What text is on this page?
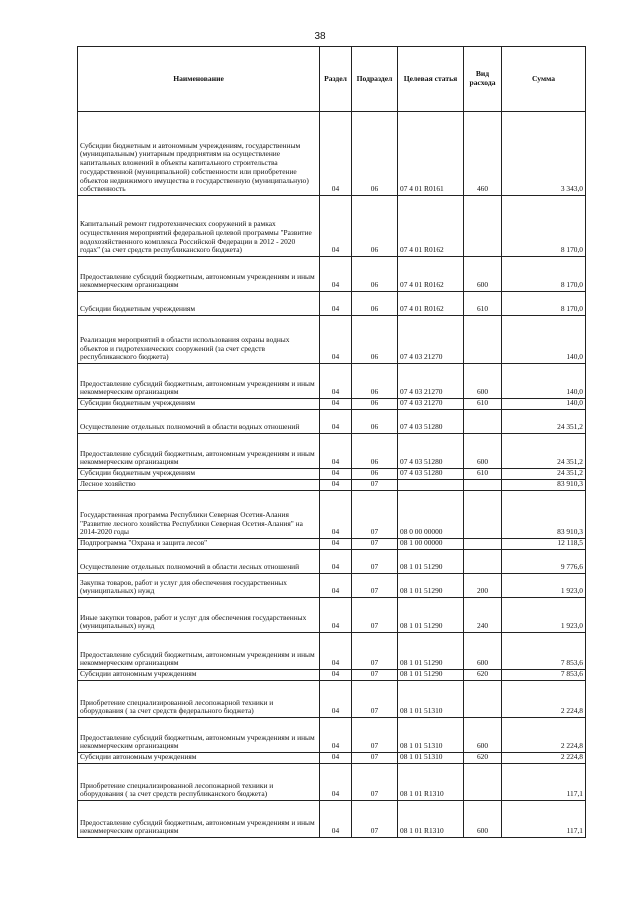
38
Наименование	Раздел	Подраздел	Целевая статья	Вид расхода	Сумма
Субсидии бюджетным и автономным учреждениям, государственным (муниципальным) унитарным предприятиям на осуществление капитальных вложений в объекты капитального строительства государственной (муниципальной) собственности или приобретение объектов недвижимого имущества в государственную (муниципальную) собственность	04	06	07 4 01 R0161	460	3 343,0
Капитальный ремонт гидротехнических сооружений в рамках осуществления мероприятий федеральной целевой программы "Развитие водохозяйственного комплекса Российской Федерации в 2012 - 2020 годах" (за счет средств республиканского бюджета)	04	06	07 4 01 R0162		8 170,0
Предоставление субсидий бюджетным, автономным учреждениям и иным некоммерческим организациям	04	06	07 4 01 R0162	600	8 170,0
Субсидии бюджетным учреждениям	04	06	07 4 01 R0162	610	8 170,0
Реализация мероприятий в области использования охраны водных объектов и гидротехнических сооружений (за счет средств республиканского бюджета)	04	06	07 4 03 21270		140,0
Предоставление субсидий бюджетным, автономным учреждениям и иным некоммерческим организациям	04	06	07 4 03 21270	600	140,0
Субсидии бюджетным учреждениям	04	06	07 4 03 21270	610	140,0
Осуществление отдельных полномочий в области водных отношений	04	06	07 4 03 51280		24 351,2
Предоставление субсидий бюджетным, автономным учреждениям и иным некоммерческим организациям	04	06	07 4 03 51280	600	24 351,2
Субсидии бюджетным учреждениям	04	06	07 4 03 51280	610	24 351,2
Лесное хозяйство	04	07			83 910,3
Государственная программа Республики Северная Осетия-Алания "Развитие лесного хозяйства Республики Северная Осетия-Алания" на 2014-2020 годы	04	07	08 0 00 00000		83 910,3
Подпрограмма "Охрана и защита лесов"	04	07	08 1 00 00000		12 118,5
Осуществление отдельных полномочий в области лесных отношений	04	07	08 1 01 51290		9 776,6
Закупка товаров, работ и услуг для обеспечения государственных (муниципальных) нужд	04	07	08 1 01 51290	200	1 923,0
Иные закупки товаров, работ и услуг для обеспечения государственных (муниципальных) нужд	04	07	08 1 01 51290	240	1 923,0
Предоставление субсидий бюджетным, автономным учреждениям и иным некоммерческим организациям	04	07	08 1 01 51290	600	7 853,6
Субсидии автономным учреждениям	04	07	08 1 01 51290	620	7 853,6
Приобретение специализированной лесопожарной техники и оборудования ( за счет средств федерального бюджета)	04	07	08 1 01 51310		2 224,8
Предоставление субсидий бюджетным, автономным учреждениям и иным некоммерческим организациям	04	07	08 1 01 51310	600	2 224,8
Субсидии автономным учреждениям	04	07	08 1 01 51310	620	2 224,8
Приобретение специализированной лесопожарной техники и оборудования ( за счет средств республиканского бюджета)	04	07	08 1 01 R1310		117,1
Предоставление субсидий бюджетным, автономным учреждениям и иным некоммерческим организациям	04	07	08 1 01 R1310	600	117,1
